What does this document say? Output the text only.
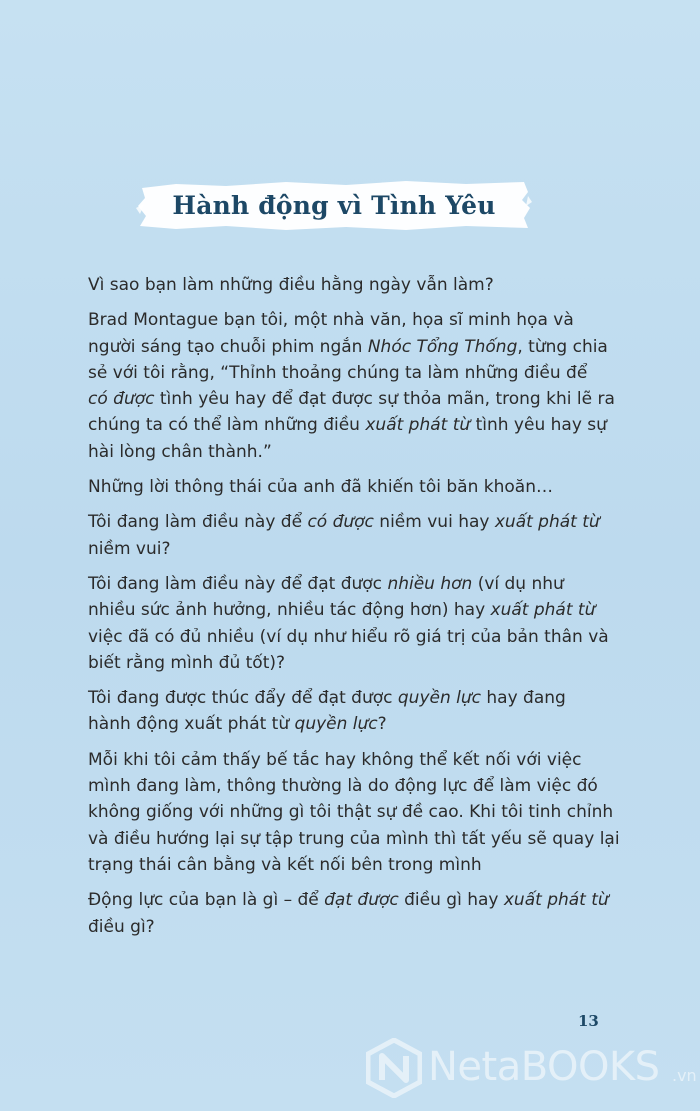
Hành động vì Tình Yêu

Vì sao bạn làm những điều hằng ngày vẫn làm?

Brad Montague bạn tôi, một nhà văn, họa sĩ minh họa và
người sáng tạo chuỗi phim ngắn Nhóc Tổng Thống, từng chia
sẻ với tôi rằng, “Thỉnh thoảng chúng ta làm những điều để
có được tình yêu hay để đạt được sự thỏa mãn, trong khi lẽ ra
chúng ta có thể làm những điều xuất phát từ tình yêu hay sự
hài lòng chân thành.”

Những lời thông thái của anh đã khiến tôi băn khoăn…

Tôi đang làm điều này để có được niềm vui hay xuất phát từ
niềm vui?

Tôi đang làm điều này để đạt được nhiều hơn (ví dụ như
nhiều sức ảnh hưởng, nhiều tác động hơn) hay xuất phát từ
việc đã có đủ nhiều (ví dụ như hiểu rõ giá trị của bản thân và
biết rằng mình đủ tốt)?

Tôi đang được thúc đẩy để đạt được quyền lực hay đang
hành động xuất phát từ quyền lực?

Mỗi khi tôi cảm thấy bế tắc hay không thể kết nối với việc
mình đang làm, thông thường là do động lực để làm việc đó
không giống với những gì tôi thật sự đề cao. Khi tôi tinh chỉnh
và điều hướng lại sự tập trung của mình thì tất yếu sẽ quay lại
trạng thái cân bằng và kết nối bên trong mình

Động lực của bạn là gì – để đạt được điều gì hay xuất phát từ
điều gì?

13
NetaBOOKS .vn
